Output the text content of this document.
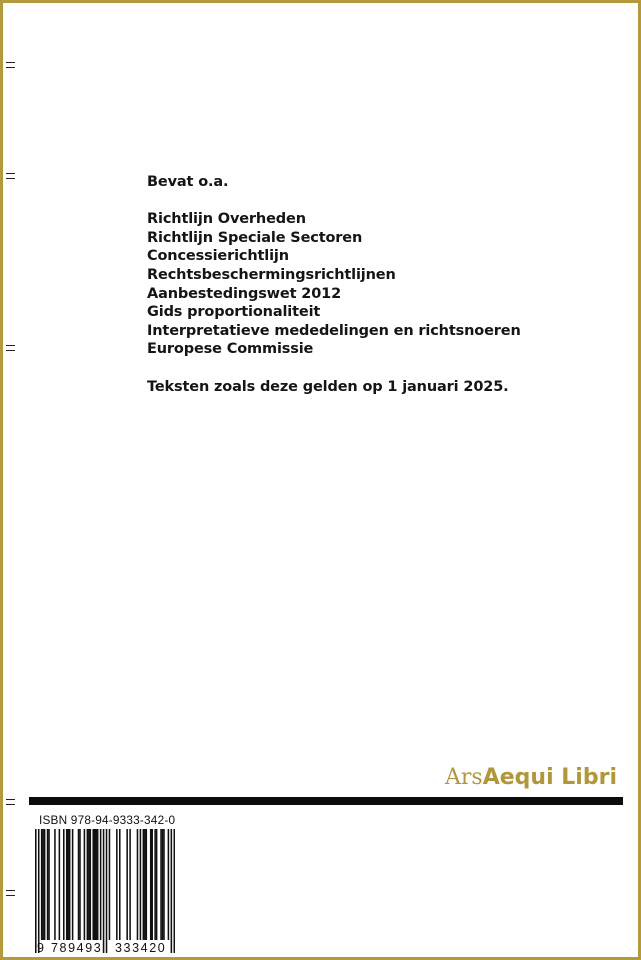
Bevat o.a.
Richtlijn Overheden
Richtlijn Speciale Sectoren
Concessierichtlijn
Rechtsbeschermingsrichtlijnen
Aanbestedingswet 2012
Gids proportionaliteit
Interpretatieve mededelingen en richtsnoeren
Europese Commissie
Teksten zoals deze gelden op 1 januari 2025.
ArsAequi Libri
ISBN 978-94-9333-342-0
9 789493 333420
